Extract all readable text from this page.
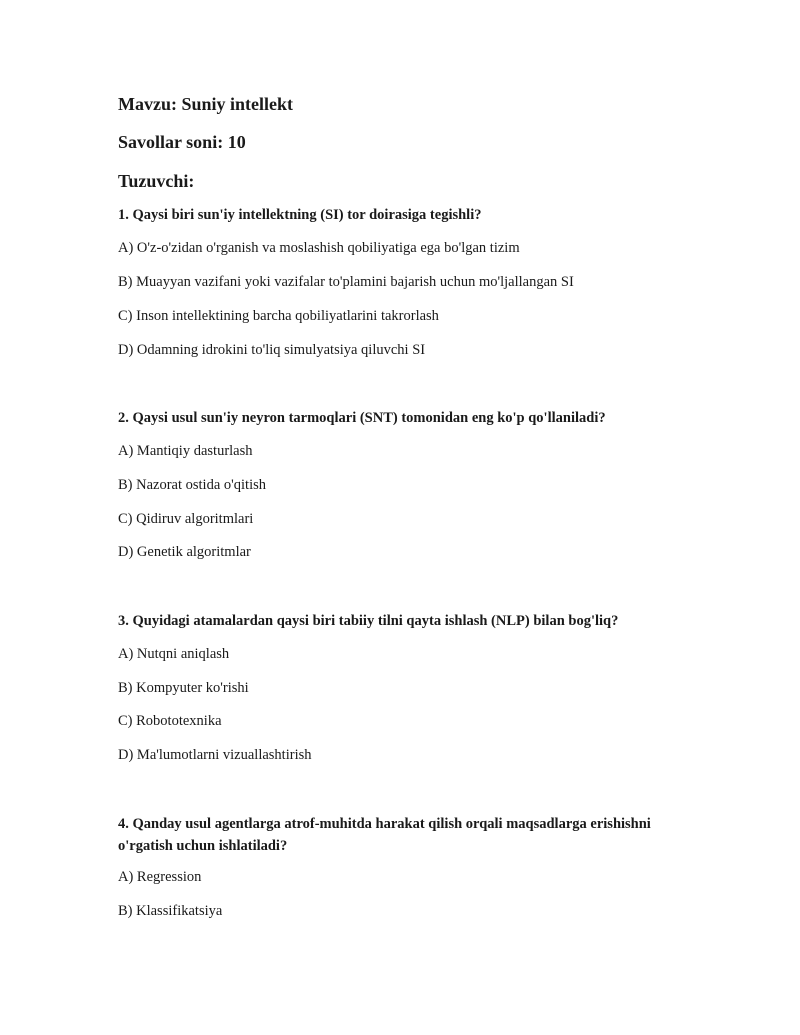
Mavzu: Suniy intellekt
Savollar soni: 10
Tuzuvchi:
1. Qaysi biri sun'iy intellektning (SI) tor doirasiga tegishli?
A) O'z-o'zidan o'rganish va moslashish qobiliyatiga ega bo'lgan tizim
B) Muayyan vazifani yoki vazifalar to'plamini bajarish uchun mo'ljallangan SI
C) Inson intellektining barcha qobiliyatlarini takrorlash
D) Odamning idrokini to'liq simulyatsiya qiluvchi SI
2. Qaysi usul sun'iy neyron tarmoqlari (SNT) tomonidan eng ko'p qo'llaniladi?
A) Mantiqiy dasturlash
B) Nazorat ostida o'qitish
C) Qidiruv algoritmlari
D) Genetik algoritmlar
3. Quyidagi atamalardan qaysi biri tabiiy tilni qayta ishlash (NLP) bilan bog'liq?
A) Nutqni aniqlash
B) Kompyuter ko'rishi
C) Robototexnika
D) Ma'lumotlarni vizuallashtirish
4. Qanday usul agentlarga atrof-muhitda harakat qilish orqali maqsadlarga erishishni o'rgatish uchun ishlatiladi?
A) Regression
B) Klassifikatsiya
